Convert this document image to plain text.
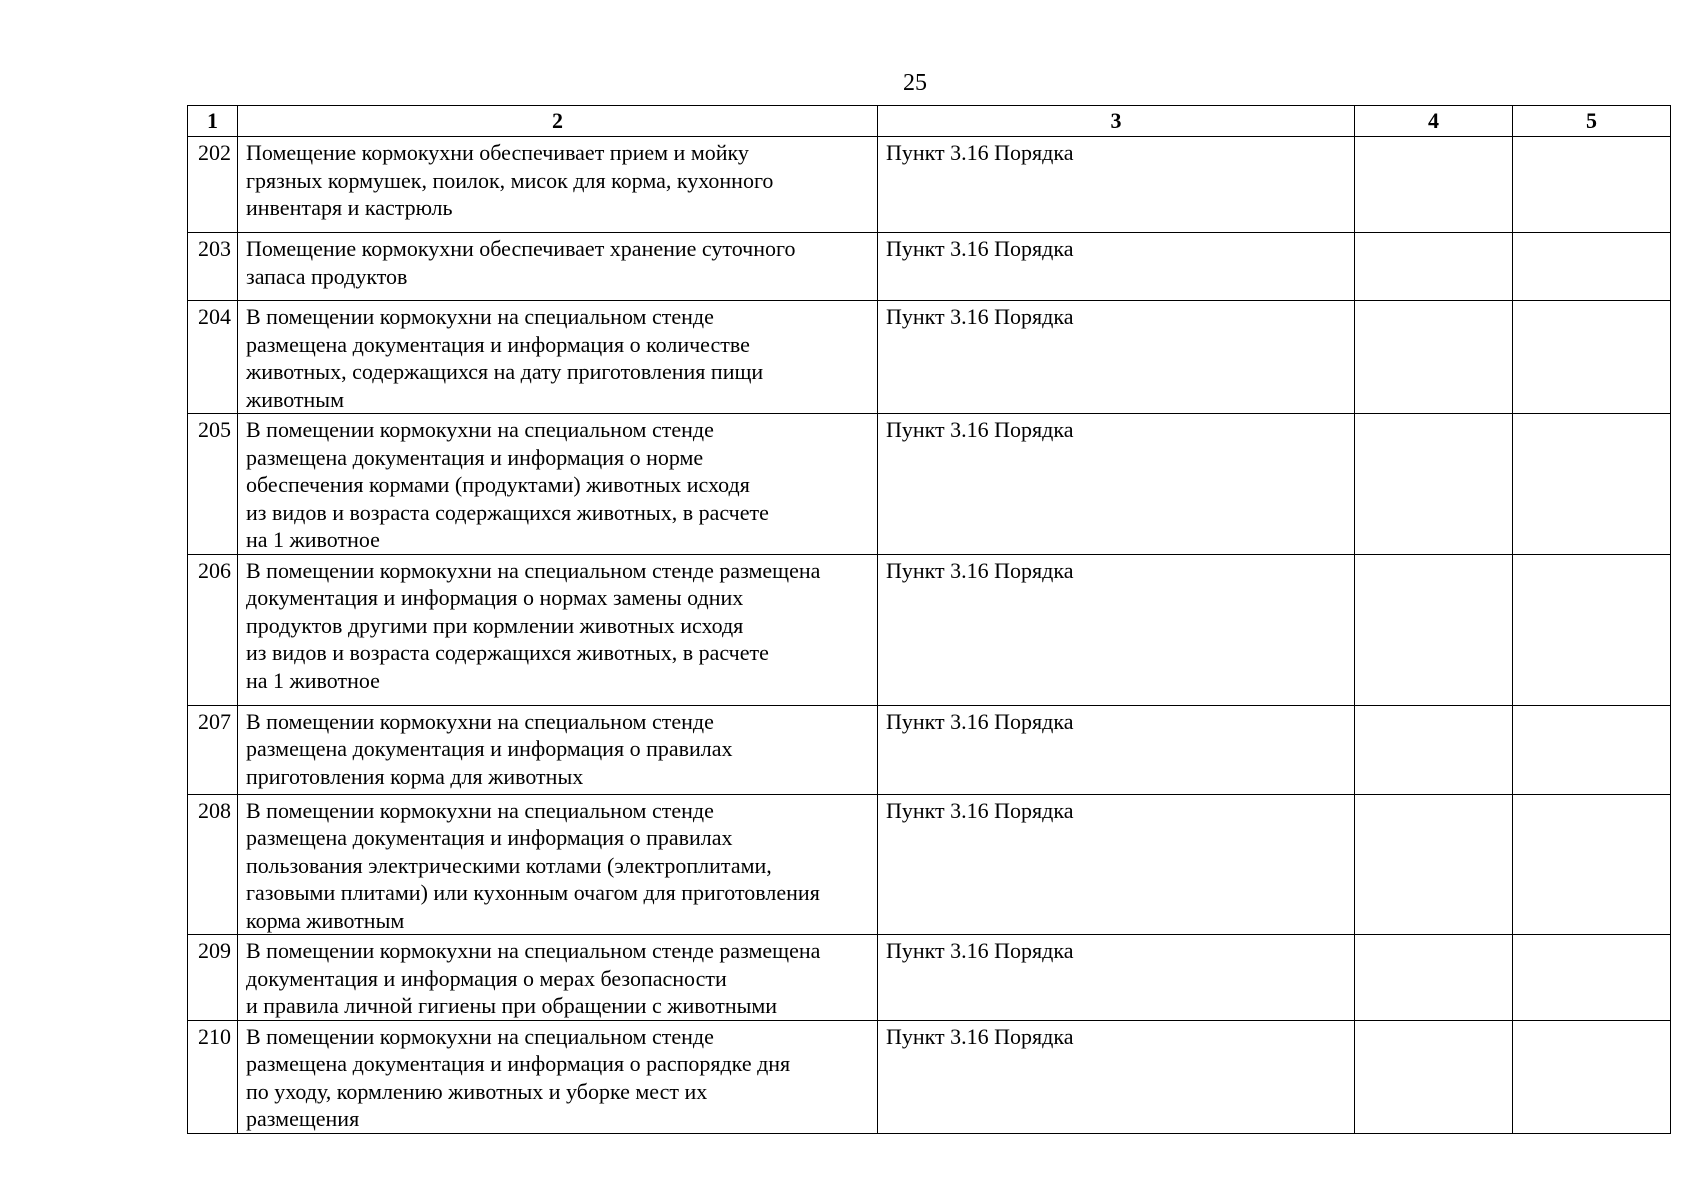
25
1	2	3	4	5
202	Помещение кормокухни обеспечивает прием и мойку
грязных кормушек, поилок, мисок для корма, кухонного
инвентаря и кастрюль	Пункт 3.16 Порядка		
203	Помещение кормокухни обеспечивает хранение суточного
запаса продуктов	Пункт 3.16 Порядка		
204	В помещении кормокухни на специальном стенде
размещена документация и информация о количестве
животных, содержащихся на дату приготовления пищи
животным	Пункт 3.16 Порядка		
205	В помещении кормокухни на специальном стенде
размещена документация и информация о норме
обеспечения кормами (продуктами) животных исходя
из видов и возраста содержащихся животных, в расчете
на 1 животное	Пункт 3.16 Порядка		
206	В помещении кормокухни на специальном стенде размещена
документация и информация о нормах замены одних
продуктов другими при кормлении животных исходя
из видов и возраста содержащихся животных, в расчете
на 1 животное	Пункт 3.16 Порядка		
207	В помещении кормокухни на специальном стенде
размещена документация и информация о правилах
приготовления корма для животных	Пункт 3.16 Порядка		
208	В помещении кормокухни на специальном стенде
размещена документация и информация о правилах
пользования электрическими котлами (электроплитами,
газовыми плитами) или кухонным очагом для приготовления
корма животным	Пункт 3.16 Порядка		
209	В помещении кормокухни на специальном стенде размещена
документация и информация о мерах безопасности
и правила личной гигиены при обращении с животными	Пункт 3.16 Порядка		
210	В помещении кормокухни на специальном стенде
размещена документация и информация о распорядке дня
по уходу, кормлению животных и уборке мест их
размещения	Пункт 3.16 Порядка		
